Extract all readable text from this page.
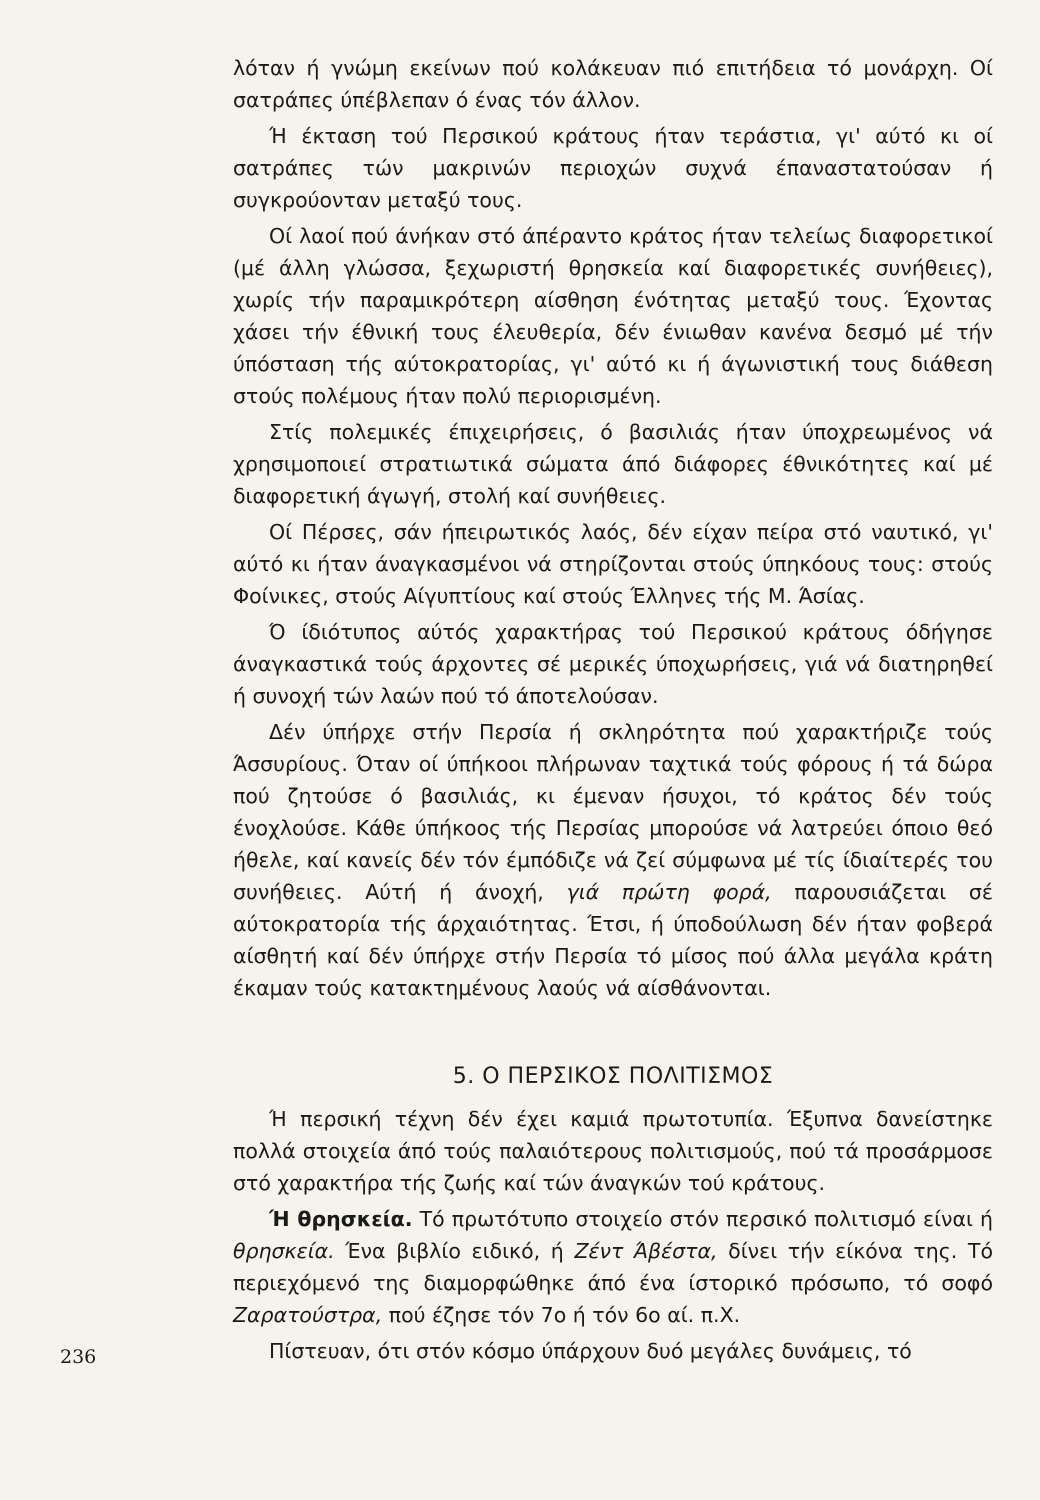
λόταν ή γνώμη εκείνων πού κολάκευαν πιό επιτήδεια τό μονάρχη. Οί σατράπες ύπέβλεπαν ό ένας τόν άλλον.

Ή έκταση τού Περσικού κράτους ήταν τεράστια, γι' αύτό κι οί σατράπες τών μακρινών περιοχών συχνά έπαναστατούσαν ή συγκρούονταν μεταξύ τους.

Οί λαοί πού άνήκαν στό άπέραντο κράτος ήταν τελείως διαφορετικοί (μέ άλλη γλώσσα, ξεχωριστή θρησκεία καί διαφορετικές συνήθειες), χωρίς τήν παραμικρότερη αίσθηση ένότητας μεταξύ τους. Έχοντας χάσει τήν έθνική τους έλευθερία, δέν ένιωθαν κανένα δεσμό μέ τήν ύπόσταση τής αύτοκρατορίας, γι' αύτό κι ή άγωνιστική τους διάθεση στούς πολέμους ήταν πολύ περιορισμένη.

Στίς πολεμικές έπιχειρήσεις, ό βασιλιάς ήταν ύποχρεωμένος νά χρησιμοποιεί στρατιωτικά σώματα άπό διάφορες έθνικότητες καί μέ διαφορετική άγωγή, στολή καί συνήθειες.

Οί Πέρσες, σάν ήπειρωτικός λαός, δέν είχαν πείρα στό ναυτικό, γι' αύτό κι ήταν άναγκασμένοι νά στηρίζονται στούς ύπηκόους τους: στούς Φοίνικες, στούς Αίγυπτίους καί στούς Έλληνες τής Μ. Άσίας.

Ό ίδιότυπος αύτός χαρακτήρας τού Περσικού κράτους όδήγησε άναγκαστικά τούς άρχοντες σέ μερικές ύποχωρήσεις, γιά νά διατηρηθεί ή συνοχή τών λαών πού τό άποτελούσαν.

Δέν ύπήρχε στήν Περσία ή σκληρότητα πού χαρακτήριζε τούς Άσσυρίους. Όταν οί ύπήκοοι πλήρωναν ταχτικά τούς φόρους ή τά δώρα πού ζητούσε ό βασιλιάς, κι έμεναν ήσυχοι, τό κράτος δέν τούς ένοχλούσε. Κάθε ύπήκοος τής Περσίας μπορούσε νά λατρεύει όποιο θεό ήθελε, καί κανείς δέν τόν έμπόδιζε νά ζεί σύμφωνα μέ τίς ίδιαίτερές του συνήθειες. Αύτή ή άνοχή, γιά πρώτη φορά, παρουσιάζεται σέ αύτοκρατορία τής άρχαιότητας. Έτσι, ή ύποδούλωση δέν ήταν φοβερά αίσθητή καί δέν ύπήρχε στήν Περσία τό μίσος πού άλλα μεγάλα κράτη έκαμαν τούς κατακτημένους λαούς νά αίσθάνονται.

5. Ο ΠΕΡΣΙΚΟΣ ΠΟΛΙΤΙΣΜΟΣ

Ή περσική τέχνη δέν έχει καμιά πρωτοτυπία. Έξυπνα δανείστηκε πολλά στοιχεία άπό τούς παλαιότερους πολιτισμούς, πού τά προσάρμοσε στό χαρακτήρα τής ζωής καί τών άναγκών τού κράτους.

Ή θρησκεία. Τό πρωτότυπο στοιχείο στόν περσικό πολιτισμό είναι ή θρησκεία. Ένα βιβλίο ειδικό, ή Ζέντ Άβέστα, δίνει τήν είκόνα της. Τό περιεχόμενό της διαμορφώθηκε άπό ένα ίστορικό πρόσωπο, τό σοφό Ζαρατούστρα, πού έζησε τόν 7ο ή τόν 6ο αί. π.Χ.

Πίστευαν, ότι στόν κόσμο ύπάρχουν δυό μεγάλες δυνάμεις, τό

236
